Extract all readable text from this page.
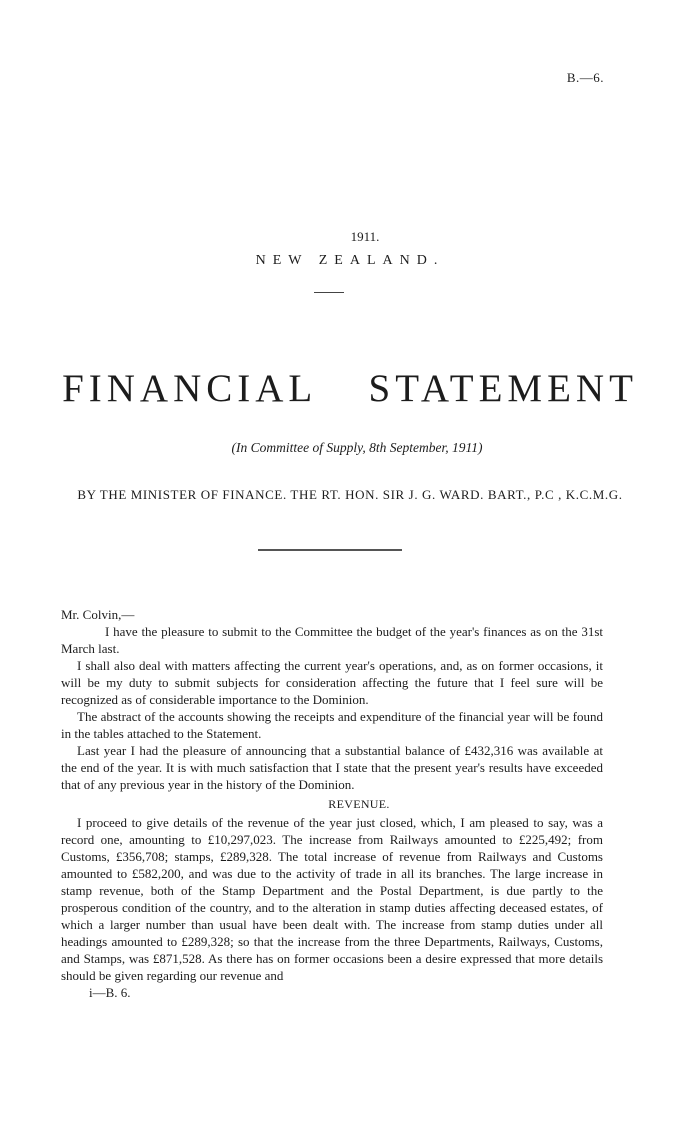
B.—6.
1911.
NEW ZEALAND.
FINANCIAL STATEMENT
(In Committee of Supply, 8th September, 1911)
BY THE MINISTER OF FINANCE. THE RT. HON. SIR J. G. WARD. BART., P.C , K.C.M.G.
Mr. Colvin,—

I have the pleasure to submit to the Committee the budget of the year's finances as on the 31st March last.

I shall also deal with matters affecting the current year's operations, and, as on former occasions, it will be my duty to submit subjects for consideration affecting the future that I feel sure will be recognized as of considerable importance to the Dominion.

The abstract of the accounts showing the receipts and expenditure of the financial year will be found in the tables attached to the Statement.

Last year I had the pleasure of announcing that a substantial balance of £432,316 was available at the end of the year. It is with much satisfaction that I state that the present year's results have exceeded that of any previous year in the history of the Dominion.

REVENUE.

I proceed to give details of the revenue of the year just closed, which, I am pleased to say, was a record one, amounting to £10,297,023. The increase from Railways amounted to £225,492; from Customs, £356,708; stamps, £289,328. The total increase of revenue from Railways and Customs amounted to £582,200, and was due to the activity of trade in all its branches. The large increase in stamp revenue, both of the Stamp Department and the Postal Department, is due partly to the prosperous condition of the country, and to the alteration in stamp duties affecting deceased estates, of which a larger number than usual have been dealt with. The increase from stamp duties under all headings amounted to £289,328; so that the increase from the three Departments, Railways, Customs, and Stamps, was £871,528. As there has on former occasions been a desire expressed that more details should be given regarding our revenue and

i—B. 6.
